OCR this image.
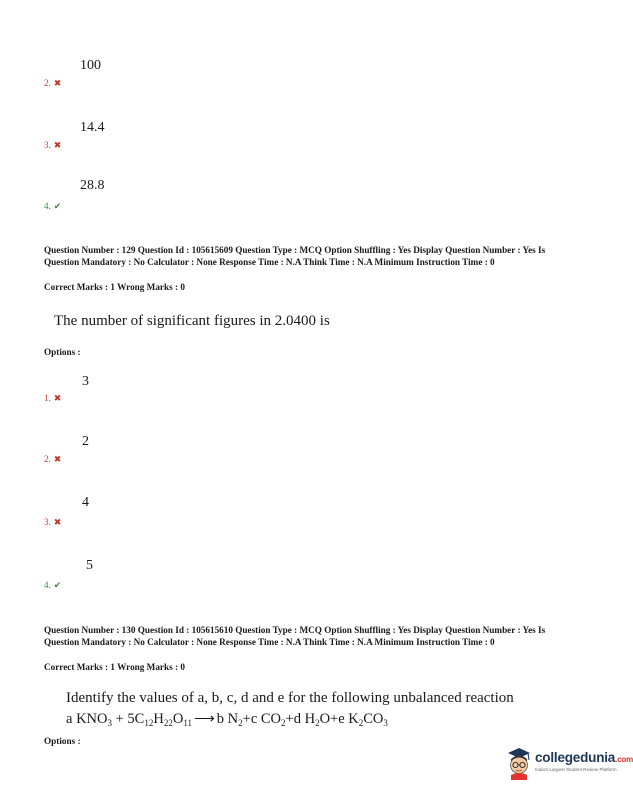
100
2. ✖
14.4
3. ✖
28.8
4. ✔
Question Number : 129 Question Id : 105615609 Question Type : MCQ Option Shuffling : Yes Display Question Number : Yes Is Question Mandatory : No Calculator : None Response Time : N.A Think Time : N.A Minimum Instruction Time : 0
Correct Marks : 1 Wrong Marks : 0
The number of significant figures in 2.0400 is
Options :
3
1. ✖
2
2. ✖
4
3. ✖
5
4. ✔
Question Number : 130 Question Id : 105615610 Question Type : MCQ Option Shuffling : Yes Display Question Number : Yes Is Question Mandatory : No Calculator : None Response Time : N.A Think Time : N.A Minimum Instruction Time : 0
Correct Marks : 1 Wrong Marks : 0
Identify the values of a, b, c, d and e for the following unbalanced reaction
a $KNO_3 + 5C_{12}H_{22}O_{11}$ ⟶ b $N_2+c$ $CO_2+d$ $H_2O+e$ $K_2CO_3$
Options :
collegedunia.com
India's Largest Student Review Platform
